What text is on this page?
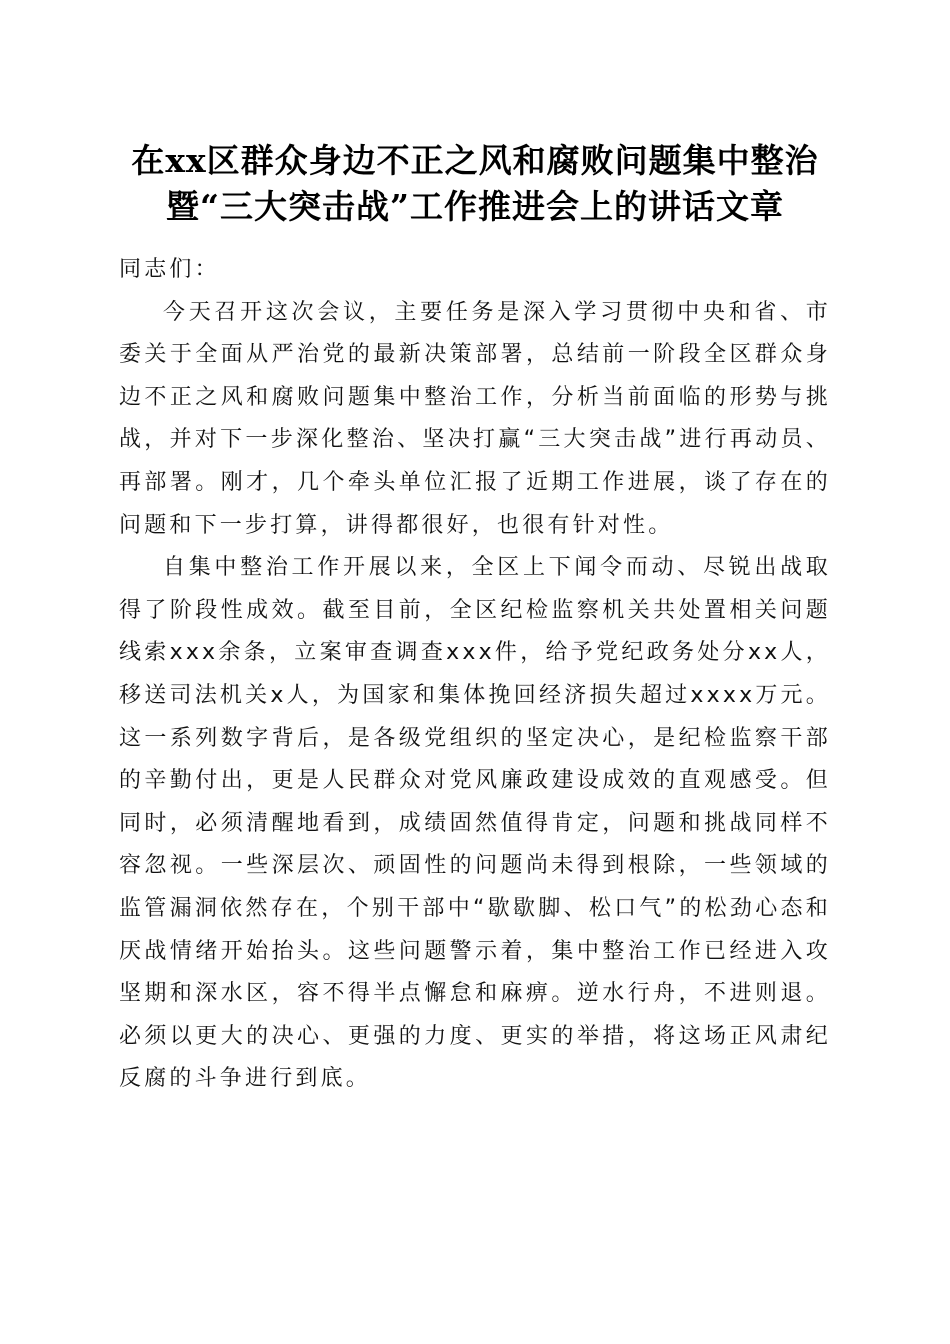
在xx区群众身边不正之风和腐败问题集中整治暨“三大突击战”工作推进会上的讲话文章

同志们：

今天召开这次会议，主要任务是深入学习贯彻中央和省、市委关于全面从严治党的最新决策部署，总结前一阶段全区群众身边不正之风和腐败问题集中整治工作，分析当前面临的形势与挑战，并对下一步深化整治、坚决打赢“三大突击战”进行再动员、再部署。刚才，几个牵头单位汇报了近期工作进展，谈了存在的问题和下一步打算，讲得都很好，也很有针对性。

自集中整治工作开展以来，全区上下闻令而动、尽锐出战取得了阶段性成效。截至目前，全区纪检监察机关共处置相关问题线索xxx余条，立案审查调查xxx件，给予党纪政务处分xx人，移送司法机关x人，为国家和集体挽回经济损失超过xxxx万元。这一系列数字背后，是各级党组织的坚定决心，是纪检监察干部的辛勤付出，更是人民群众对党风廉政建设成效的直观感受。但同时，必须清醒地看到，成绩固然值得肯定，问题和挑战同样不容忽视。一些深层次、顽固性的问题尚未得到根除，一些领域的监管漏洞依然存在，个别干部中“歇歇脚、松口气”的松劲心态和厌战情绪开始抬头。这些问题警示着，集中整治工作已经进入攻坚期和深水区，容不得半点懈怠和麻痹。逆水行舟，不进则退。必须以更大的决心、更强的力度、更实的举措，将这场正风肃纪反腐的斗争进行到底。
